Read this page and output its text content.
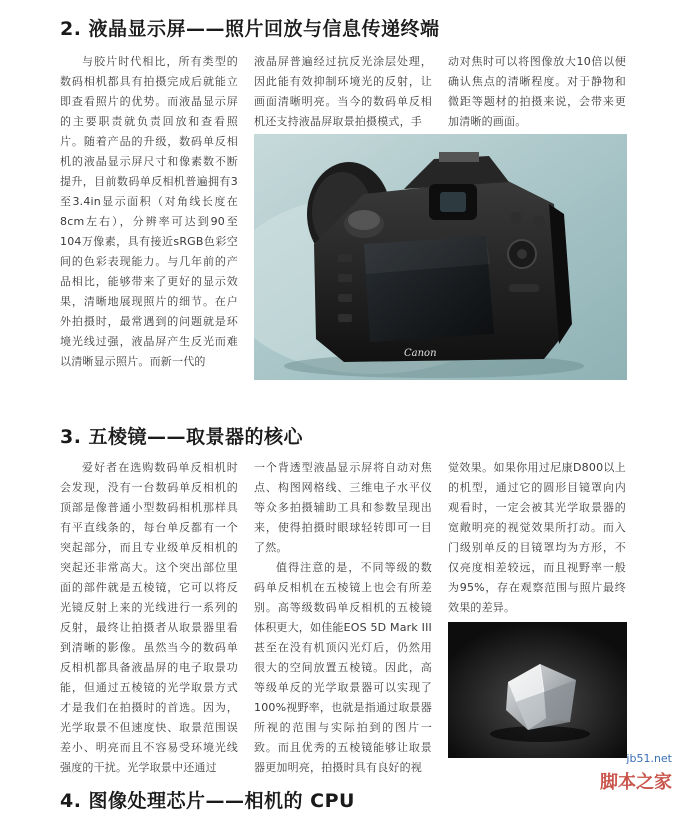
2. 液晶显示屏——照片回放与信息传递终端

与胶片时代相比，所有类型的数码相机都具有拍摄完成后就能立即查看照片的优势。而液晶显示屏的主要职责就负责回放和查看照片。随着产品的升级，数码单反相机的液晶显示屏尺寸和像素数不断提升，目前数码单反相机普遍拥有3至3.4in显示面积（对角线长度在8cm左右），分辨率可达到90至104万像素，具有接近sRGB色彩空间的色彩表现能力。与几年前的产品相比，能够带来了更好的显示效果，清晰地展现照片的细节。在户外拍摄时，最常遇到的问题就是环境光线过强，液晶屏产生反光而难以清晰显示照片。而新一代的

液晶屏普遍经过抗反光涂层处理，因此能有效抑制环境光的反射，让画面清晰明亮。当今的数码单反相机还支持液晶屏取景拍摄模式，手

动对焦时可以将图像放大10倍以便确认焦点的清晰程度。对于静物和微距等题材的拍摄来说，会带来更加清晰的画面。

Canon
3. 五棱镜——取景器的核心

爱好者在选购数码单反相机时会发现，没有一台数码单反相机的顶部是像普通小型数码相机那样具有平直线条的，每台单反都有一个突起部分，而且专业级单反相机的突起还非常高大。这个突出部位里面的部件就是五棱镜，它可以将反光镜反射上来的光线进行一系列的反射，最终让拍摄者从取景器里看到清晰的影像。虽然当今的数码单反相机都具备液晶屏的电子取景功能，但通过五棱镜的光学取景方式才是我们在拍摄时的首选。因为，光学取景不但速度快、取景范围误差小、明亮而且不容易受环境光线强度的干扰。光学取景中还通过

一个背透型液晶显示屏将自动对焦点、构图网格线、三维电子水平仪等众多拍摄辅助工具和参数呈现出来，使得拍摄时眼球轻转即可一目了然。

值得注意的是，不同等级的数码单反相机在五棱镜上也会有所差别。高等级数码单反相机的五棱镜体积更大，如佳能EOS 5D Mark III甚至在没有机顶闪光灯后，仍然用很大的空间放置五棱镜。因此，高等级单反的光学取景器可以实现了100%视野率，也就是指通过取景器所视的范围与实际拍到的图片一致。而且优秀的五棱镜能够让取景器更加明亮，拍摄时具有良好的视

觉效果。如果你用过尼康D800以上的机型，通过它的圆形目镜罩向内观看时，一定会被其光学取景器的宽敞明亮的视觉效果所打动。而入门级别单反的目镜罩均为方形，不仅亮度相差较远，而且视野率一般为95%，存在观察范围与照片最终效果的差异。

4. 图像处理芯片——相机的 CPU
jb51.net
脚本之家
